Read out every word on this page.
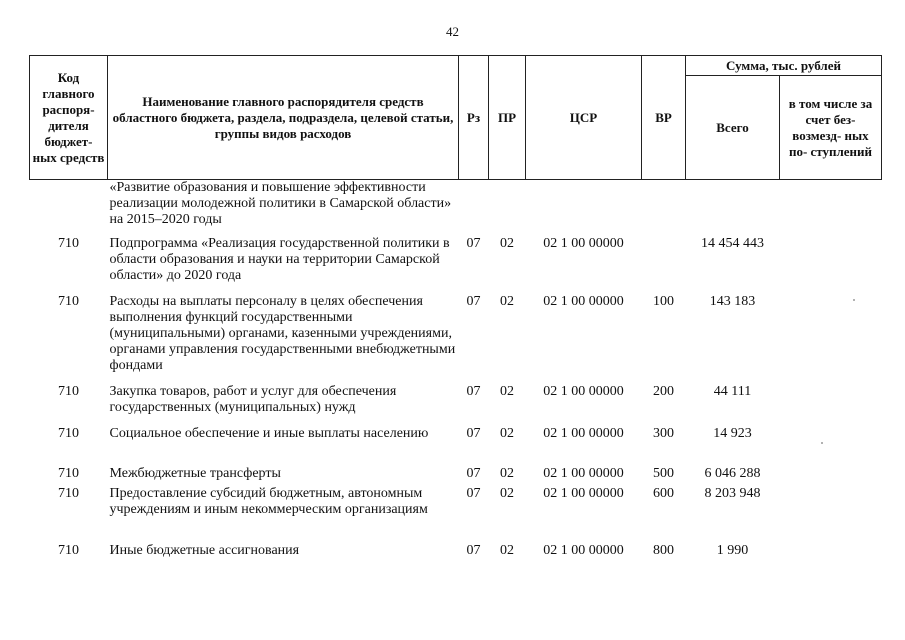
42
Код главного распоря- дителя бюджет- ных средств	Наименование главного распорядителя средств областного бюджета, раздела, подраздела, целевой статьи, группы видов расходов	Рз	ПР	ЦСР	ВР	Сумма, тыс. рублей	
						Всего	в том числе за счет без- возмезд- ных по- ступлений
	«Развитие образования и повышение эффективности реализации молодежной политики в Самарской области» на 2015–2020 годы						
710	Подпрограмма «Реализация государственной политики в области образования и науки на территории Самарской области» до 2020 года	07	02	02 1 00 00000		14 454 443	
710	Расходы на выплаты персоналу в целях обеспечения выполнения функций государственными (муниципальными) органами, казенными учреждениями, органами управления государственными внебюджетными фондами	07	02	02 1 00 00000	100	143 183	
710	Закупка товаров, работ и услуг для обеспечения государственных (муниципальных) нужд	07	02	02 1 00 00000	200	44 111	
710	Социальное обеспечение и иные выплаты населению	07	02	02 1 00 00000	300	14 923	
710	Межбюджетные трансферты	07	02	02 1 00 00000	500	6 046 288	
710	Предоставление субсидий бюджетным, автономным учреждениям и иным некоммерческим организациям	07	02	02 1 00 00000	600	8 203 948	
710	Иные бюджетные ассигнования	07	02	02 1 00 00000	800	1 990	
